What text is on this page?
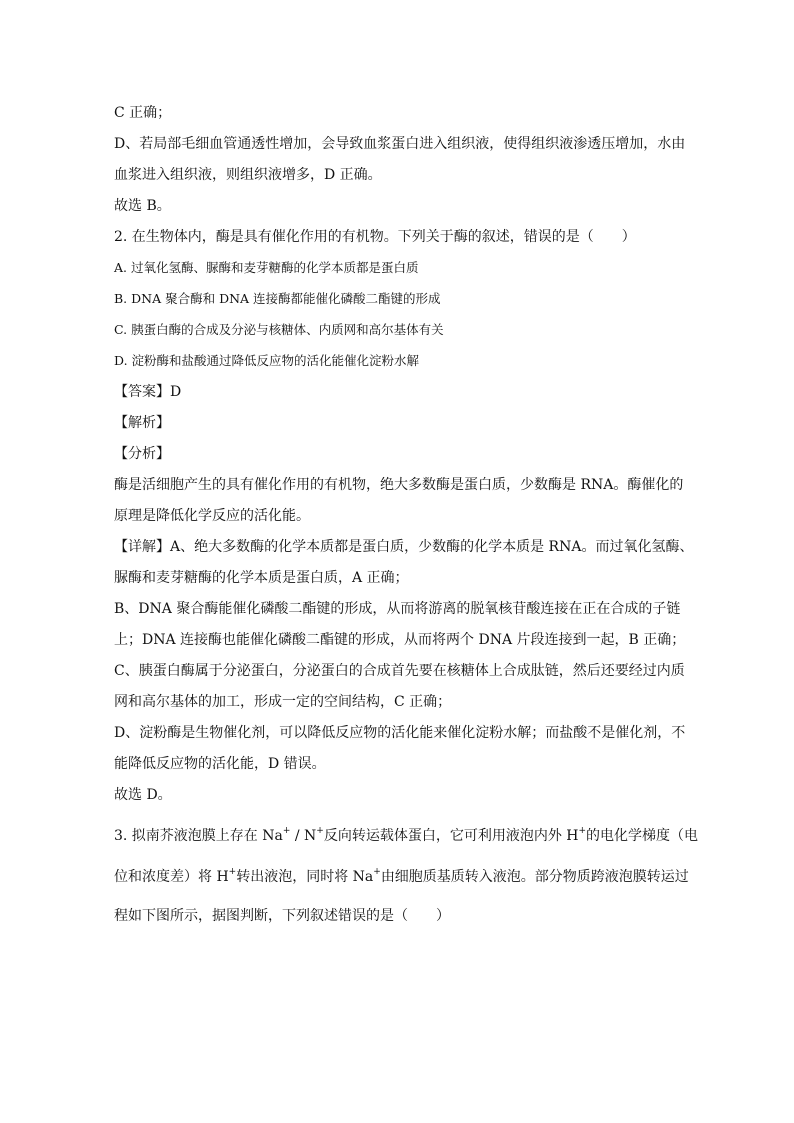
C 正确；
D、若局部毛细血管通透性增加，会导致血浆蛋白进入组织液，使得组织液渗透压增加，水由
血浆进入组织液，则组织液增多，D 正确。
故选 B。
2. 在生物体内，酶是具有催化作用的有机物。下列关于酶的叙述，错误的是（　　）
A. 过氧化氢酶、脲酶和麦芽糖酶的化学本质都是蛋白质
B. DNA 聚合酶和 DNA 连接酶都能催化磷酸二酯键的形成
C. 胰蛋白酶的合成及分泌与核糖体、内质网和高尔基体有关
D. 淀粉酶和盐酸通过降低反应物的活化能催化淀粉水解
【答案】D
【解析】
【分析】
酶是活细胞产生的具有催化作用的有机物，绝大多数酶是蛋白质，少数酶是 RNA。酶催化的
原理是降低化学反应的活化能。
【详解】A、绝大多数酶的化学本质都是蛋白质，少数酶的化学本质是 RNA。而过氧化氢酶、
脲酶和麦芽糖酶的化学本质是蛋白质，A 正确；
B、DNA 聚合酶能催化磷酸二酯键的形成，从而将游离的脱氧核苷酸连接在正在合成的子链
上；DNA 连接酶也能催化磷酸二酯键的形成，从而将两个 DNA 片段连接到一起，B 正确；
C、胰蛋白酶属于分泌蛋白，分泌蛋白的合成首先要在核糖体上合成肽链，然后还要经过内质
网和高尔基体的加工，形成一定的空间结构，C 正确；
D、淀粉酶是生物催化剂，可以降低反应物的活化能来催化淀粉水解；而盐酸不是催化剂，不
能降低反应物的活化能，D 错误。
故选 D。
3. 拟南芥液泡膜上存在 Na+ / N+反向转运载体蛋白，它可利用液泡内外 H+的电化学梯度（电
位和浓度差）将 H+转出液泡，同时将 Na+由细胞质基质转入液泡。部分物质跨液泡膜转运过
程如下图所示，据图判断，下列叙述错误的是（　　）
